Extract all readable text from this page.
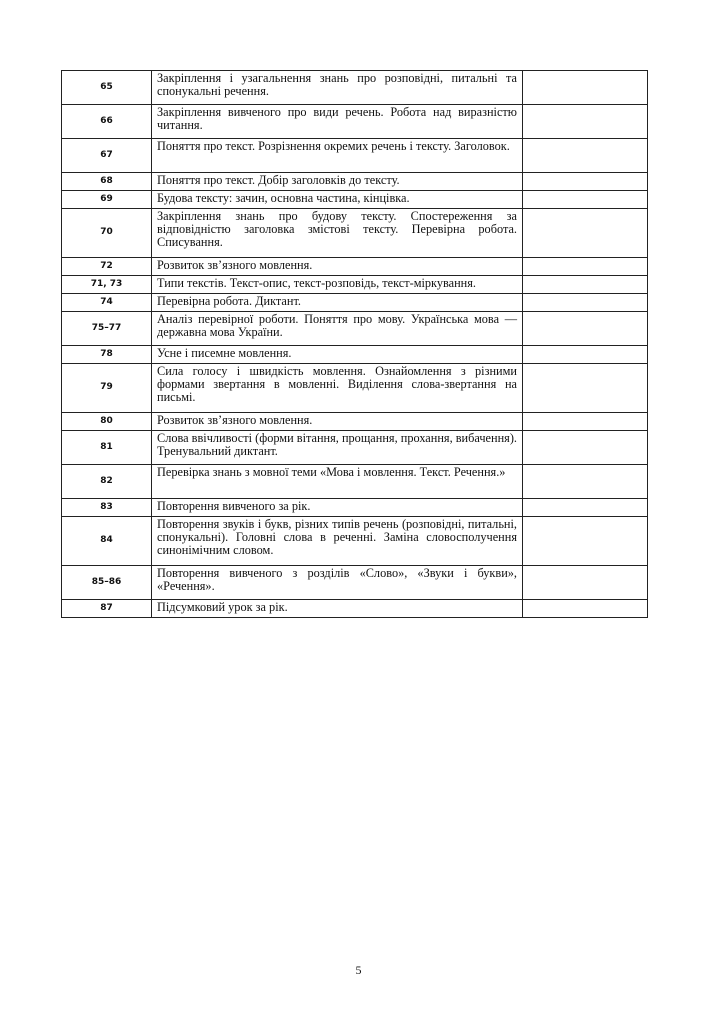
65	Закріплення і узагальнення знань про розповідні, питальні та спонукальні речення.	
66	Закріплення вивченого про види речень. Робота над виразністю читання.	
67	Поняття про текст. Розрізнення окремих речень і тексту. Заголовок.	
68	Поняття про текст. Добір заголовків до тексту.	
69	Будова тексту: зачин, основна частина, кінцівка.	
70	Закріплення знань про будову тексту. Спостереження за відповідністю заголовка змістові тексту. Перевірна робота. Списування.	
72	Розвиток зв’язного мовлення.	
71, 73	Типи текстів. Текст-опис, текст-розповідь, текст-міркування.	
74	Перевірна робота. Диктант.	
75–77	Аналіз перевірної роботи. Поняття про мову. Українська мова — державна мова України.	
78	Усне і писемне мовлення.	
79	Сила голосу і швидкість мовлення. Ознайомлення з різними формами звертання в мовленні. Виділення слова-звертання на письмі.	
80	Розвиток зв’язного мовлення.	
81	Слова ввічливості (форми вітання, прощання, прохання, вибачення). Тренувальний диктант.	
82	Перевірка знань з мовної теми «Мова і мовлення. Текст. Речення.»	
83	Повторення вивченого за рік.	
84	Повторення звуків і букв, різних типів речень (розповідні, питальні, спонукальні). Головні слова в реченні. Заміна словосполучення синонімічним словом.	
85–86	Повторення вивченого з розділів «Слово», «Звуки і букви», «Речення».	
87	Підсумковий урок за рік.	
5
